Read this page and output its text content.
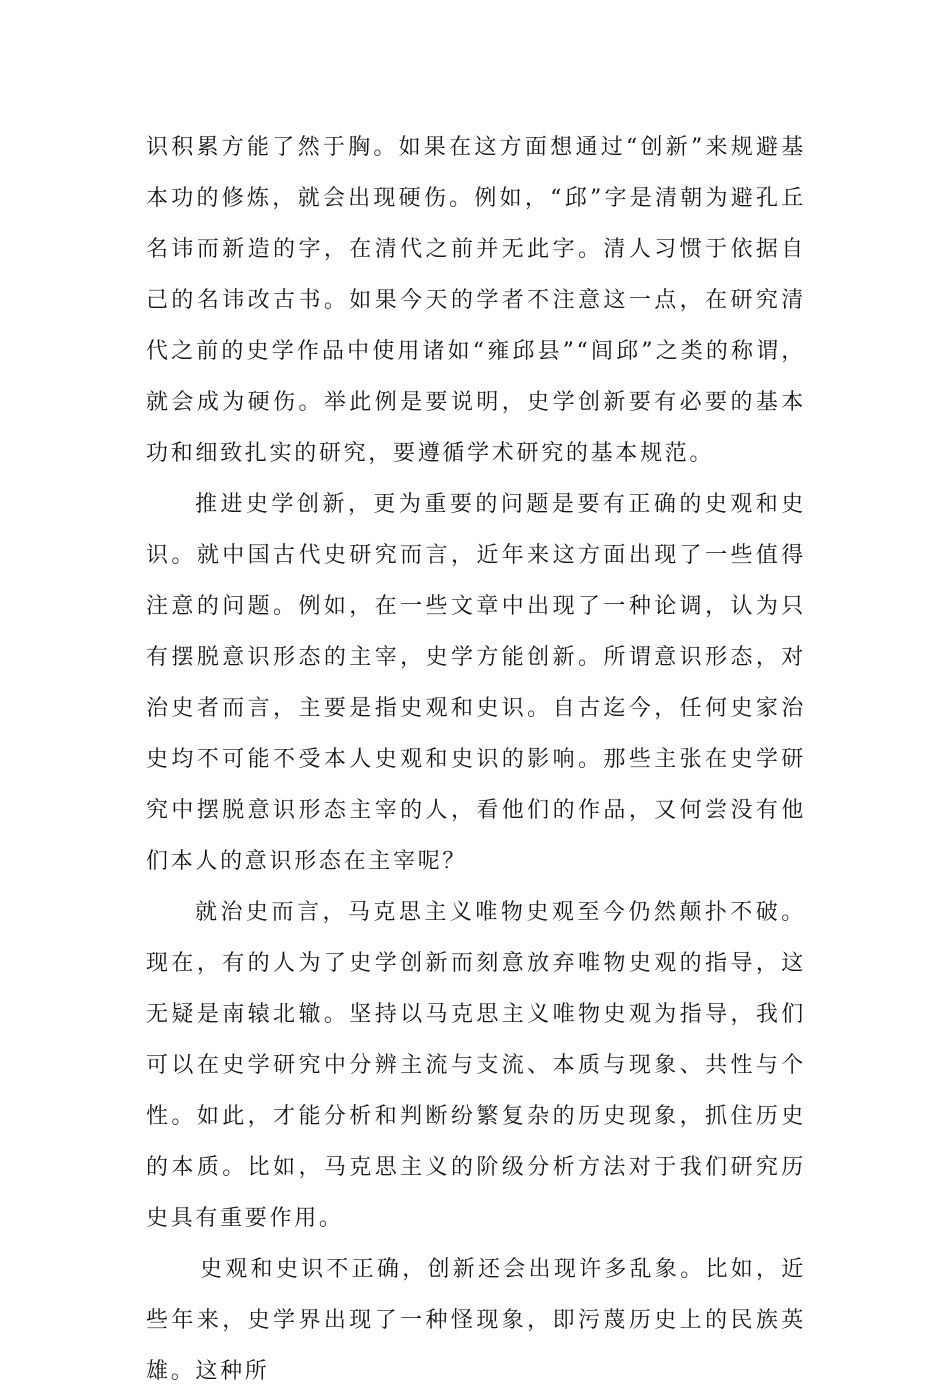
识积累方能了然于胸。如果在这方面想通过“创新”来规避基本功的修炼，就会出现硬伤。例如，“邱”字是清朝为避孔丘名讳而新造的字，在清代之前并无此字。清人习惯于依据自己的名讳改古书。如果今天的学者不注意这一点，在研究清代之前的史学作品中使用诸如“雍邱县”“闾邱”之类的称谓，就会成为硬伤。举此例是要说明，史学创新要有必要的基本功和细致扎实的研究，要遵循学术研究的基本规范。

推进史学创新，更为重要的问题是要有正确的史观和史识。就中国古代史研究而言，近年来这方面出现了一些值得注意的问题。例如，在一些文章中出现了一种论调，认为只有摆脱意识形态的主宰，史学方能创新。所谓意识形态，对治史者而言，主要是指史观和史识。自古迄今，任何史家治史均不可能不受本人史观和史识的影响。那些主张在史学研究中摆脱意识形态主宰的人，看他们的作品，又何尝没有他们本人的意识形态在主宰呢？

就治史而言，马克思主义唯物史观至今仍然颠扑不破。现在，有的人为了史学创新而刻意放弃唯物史观的指导，这无疑是南辕北辙。坚持以马克思主义唯物史观为指导，我们可以在史学研究中分辨主流与支流、本质与现象、共性与个性。如此，才能分析和判断纷繁复杂的历史现象，抓住历史的本质。比如，马克思主义的阶级分析方法对于我们研究历史具有重要作用。

史观和史识不正确，创新还会出现许多乱象。比如，近些年来，史学界出现了一种怪现象，即污蔑历史上的民族英雄。这种所
